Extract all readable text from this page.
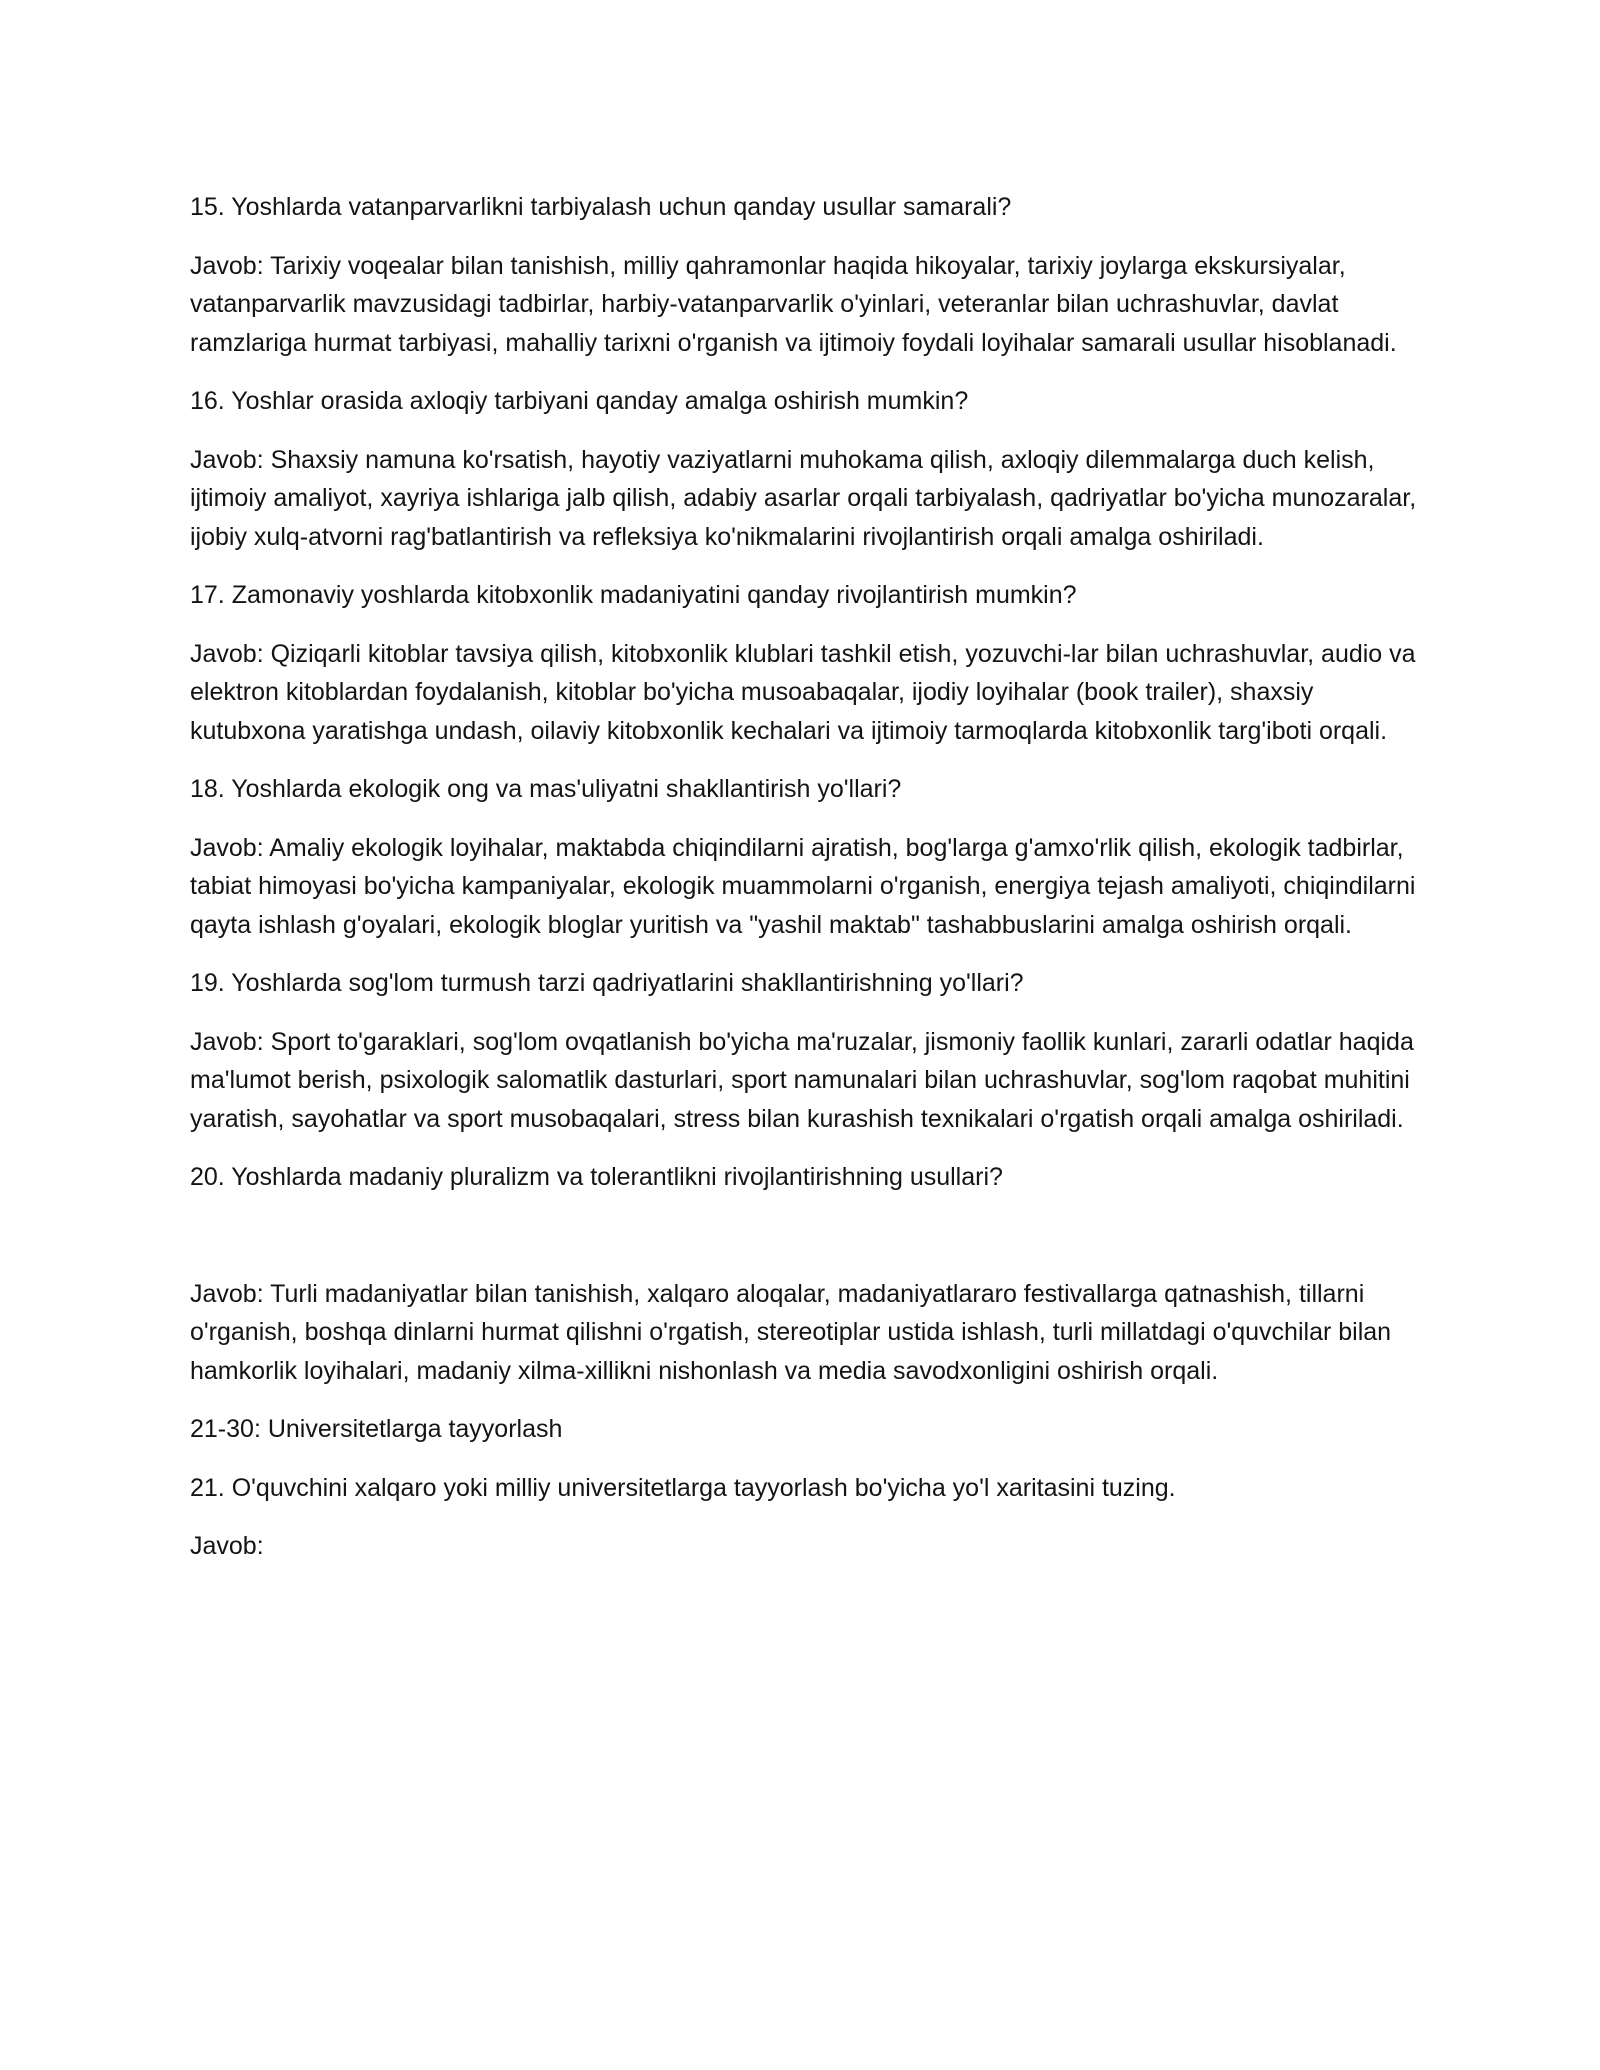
15. Yoshlarda vatanparvarlikni tarbiyalash uchun qanday usullar samarali?

Javob: Tarixiy voqealar bilan tanishish, milliy qahramonlar haqida hikoyalar, tarixiy joylarga ekskursiyalar, vatanparvarlik mavzusidagi tadbirlar, harbiy-vatanparvarlik o'yinlari, veteranlar bilan uchrashuvlar, davlat ramzlariga hurmat tarbiyasi, mahalliy tarixni o'rganish va ijtimoiy foydali loyihalar samarali usullar hisoblanadi.

16. Yoshlar orasida axloqiy tarbiyani qanday amalga oshirish mumkin?

Javob: Shaxsiy namuna ko'rsatish, hayotiy vaziyatlarni muhokama qilish, axloqiy dilemmalarga duch kelish, ijtimoiy amaliyot, xayriya ishlariga jalb qilish, adabiy asarlar orqali tarbiyalash, qadriyatlar bo'yicha munozaralar, ijobiy xulq-atvorni rag'batlantirish va refleksiya ko'nikmalarini rivojlantirish orqali amalga oshiriladi.

17. Zamonaviy yoshlarda kitobxonlik madaniyatini qanday rivojlantirish mumkin?

Javob: Qiziqarli kitoblar tavsiya qilish, kitobxonlik klublari tashkil etish, yozuvchi-lar bilan uchrashuvlar, audio va elektron kitoblardan foydalanish, kitoblar bo'yicha musoabaqalar, ijodiy loyihalar (book trailer), shaxsiy kutubxona yaratishga undash, oilaviy kitobxonlik kechalari va ijtimoiy tarmoqlarda kitobxonlik targ'iboti orqali.

18. Yoshlarda ekologik ong va mas'uliyatni shakllantirish yo'llari?

Javob: Amaliy ekologik loyihalar, maktabda chiqindilarni ajratish, bog'larga g'amxo'rlik qilish, ekologik tadbirlar, tabiat himoyasi bo'yicha kampaniyalar, ekologik muammolarni o'rganish, energiya tejash amaliyoti, chiqindilarni qayta ishlash g'oyalari, ekologik bloglar yuritish va "yashil maktab" tashabbuslarini amalga oshirish orqali.

19. Yoshlarda sog'lom turmush tarzi qadriyatlarini shakllantirishning yo'llari?

Javob: Sport to'garaklari, sog'lom ovqatlanish bo'yicha ma'ruzalar, jismoniy faollik kunlari, zararli odatlar haqida ma'lumot berish, psixologik salomatlik dasturlari, sport namunalari bilan uchrashuvlar, sog'lom raqobat muhitini yaratish, sayohatlar va sport musobaqalari, stress bilan kurashish texnikalari o'rgatish orqali amalga oshiriladi.

20. Yoshlarda madaniy pluralizm va tolerantlikni rivojlantirishning usullari?

Javob: Turli madaniyatlar bilan tanishish, xalqaro aloqalar, madaniyatlararo festivallarga qatnashish, tillarni o'rganish, boshqa dinlarni hurmat qilishni o'rgatish, stereotiplar ustida ishlash, turli millatdagi o'quvchilar bilan hamkorlik loyihalari, madaniy xilma-xillikni nishonlash va media savodxonligini oshirish orqali.

21-30: Universitetlarga tayyorlash

21. O'quvchini xalqaro yoki milliy universitetlarga tayyorlash bo'yicha yo'l xaritasini tuzing.

Javob:
